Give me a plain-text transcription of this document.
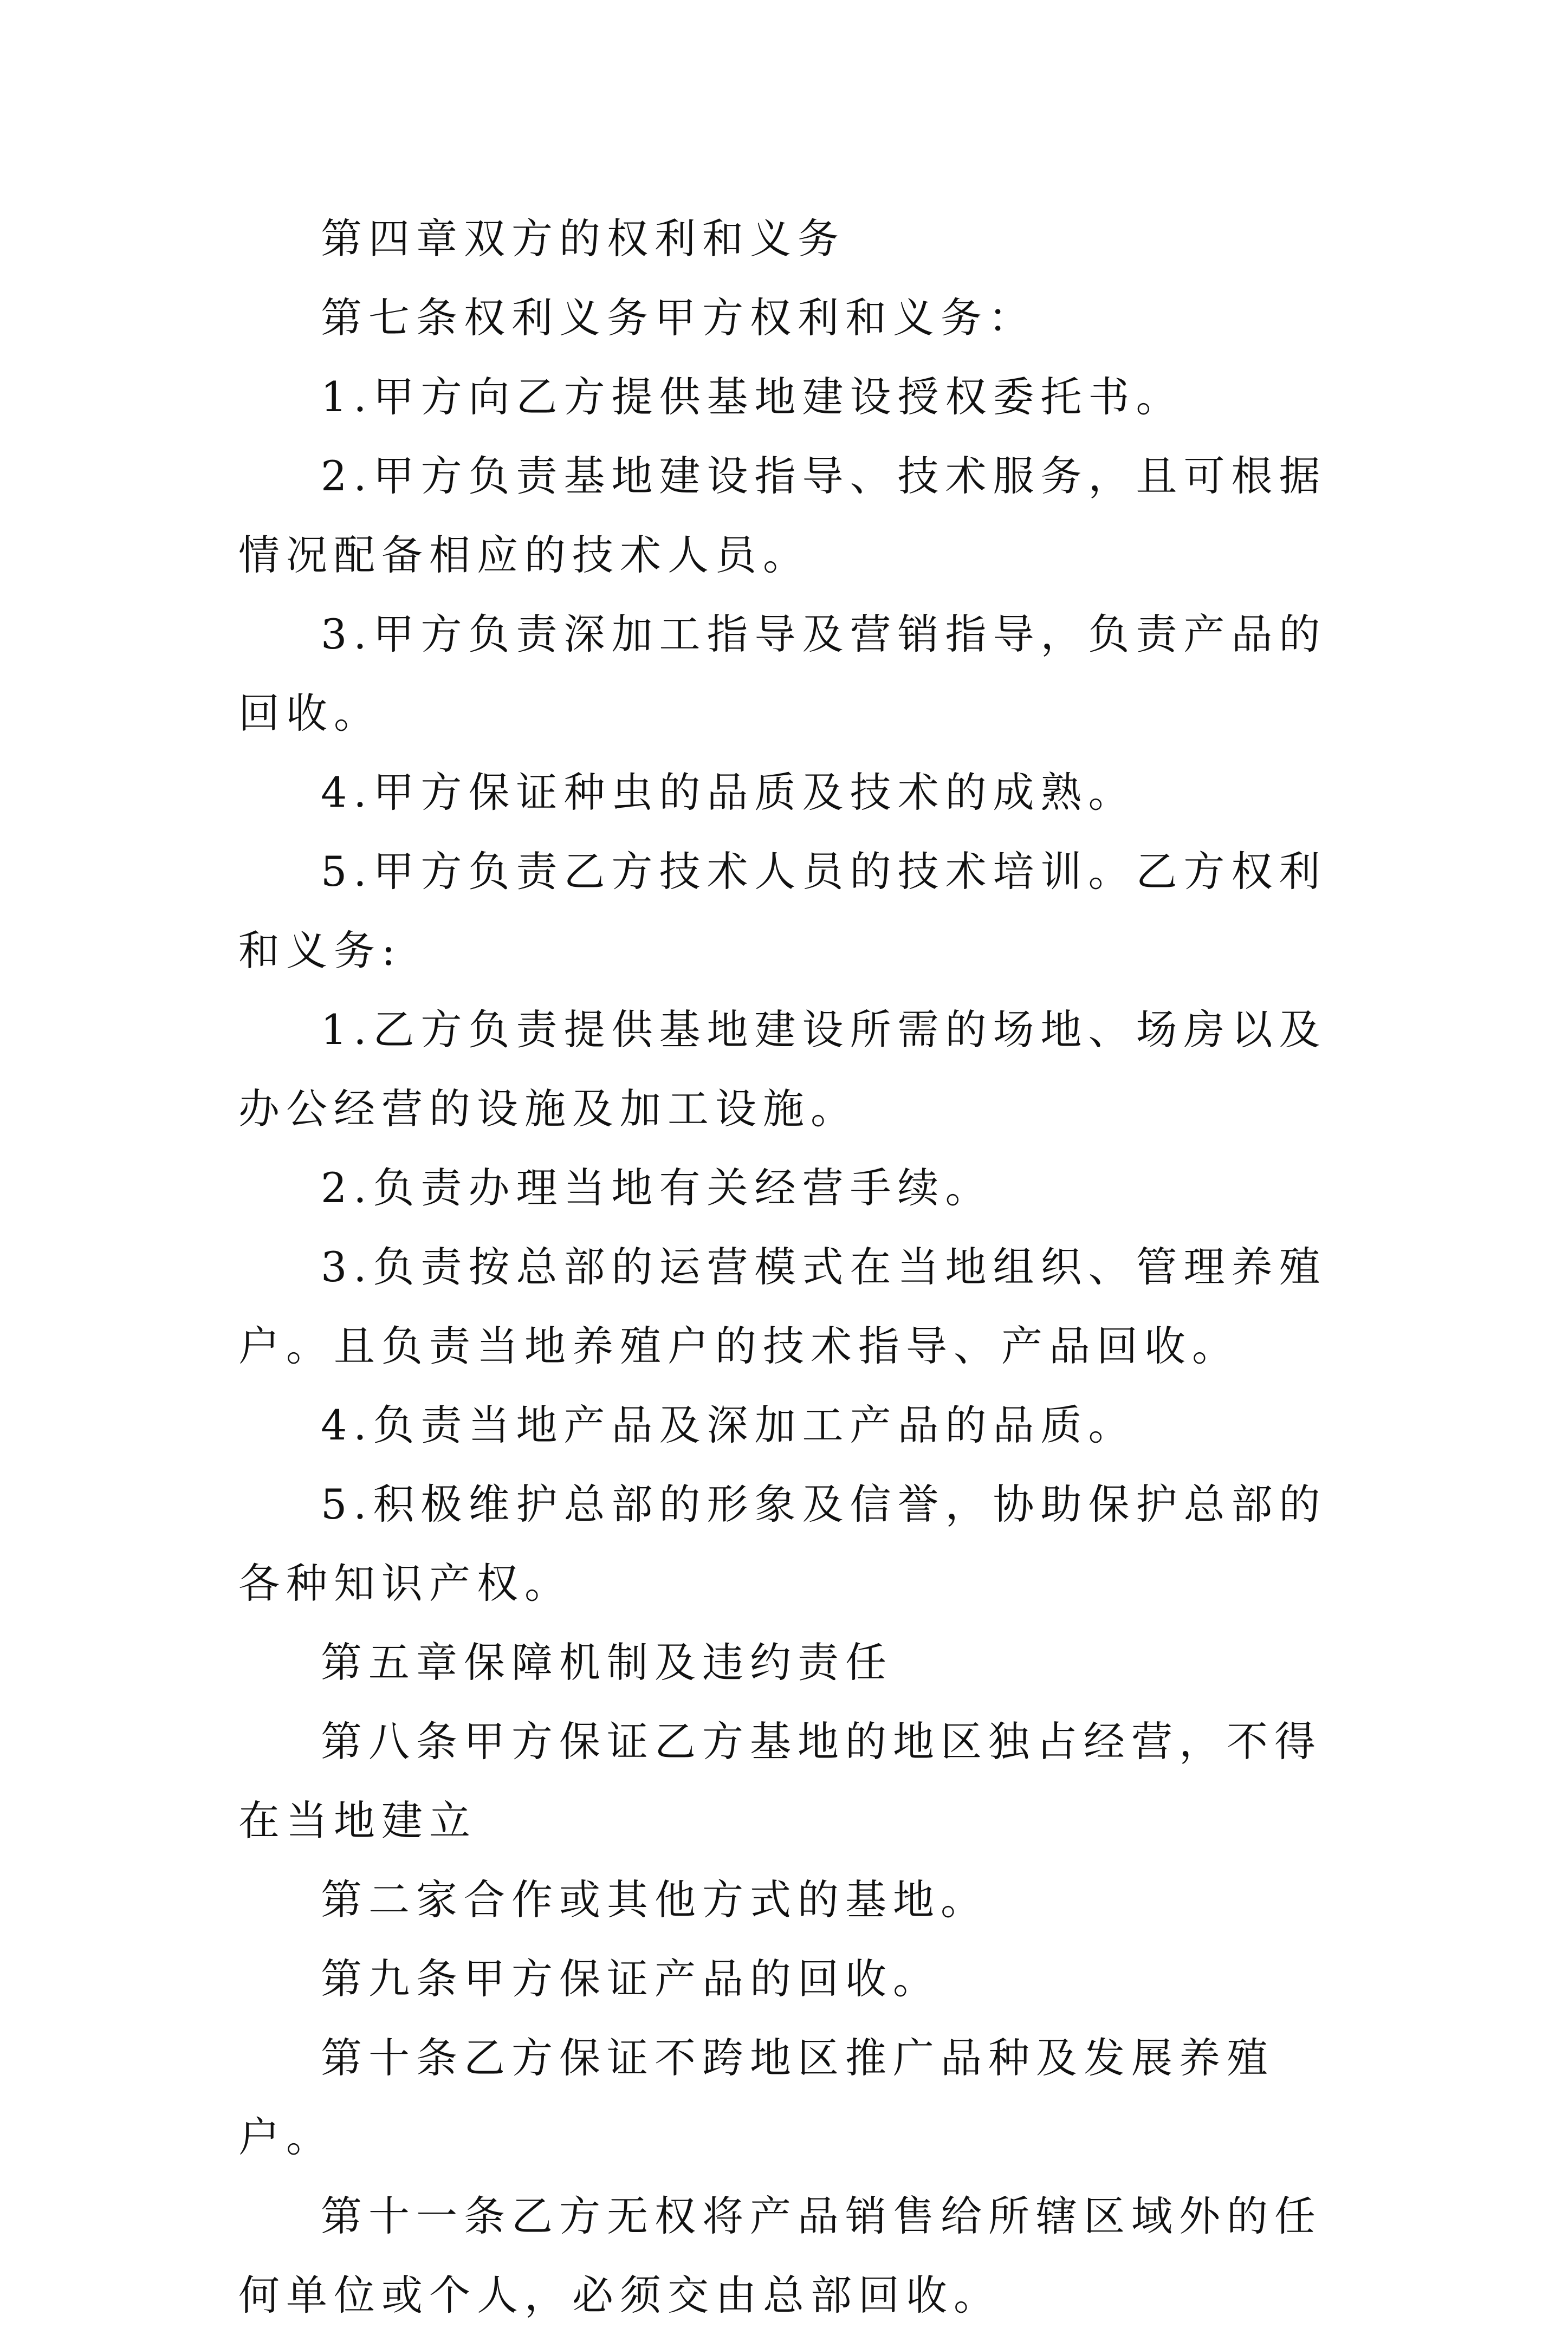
第四章双方的权利和义务

第七条权利义务甲方权利和义务：

1.甲方向乙方提供基地建设授权委托书。

2.甲方负责基地建设指导、技术服务，且可根据情况配备相应的技术人员。

3.甲方负责深加工指导及营销指导，负责产品的回收。

4.甲方保证种虫的品质及技术的成熟。

5.甲方负责乙方技术人员的技术培训。乙方权利和义务:

1.乙方负责提供基地建设所需的场地、场房以及办公经营的设施及加工设施。

2.负责办理当地有关经营手续。

3.负责按总部的运营模式在当地组织、管理养殖户。且负责当地养殖户的技术指导、产品回收。

4.负责当地产品及深加工产品的品质。

5.积极维护总部的形象及信誉，协助保护总部的各种知识产权。

第五章保障机制及违约责任

第八条甲方保证乙方基地的地区独占经营，不得在当地建立

第二家合作或其他方式的基地。

第九条甲方保证产品的回收。

第十条乙方保证不跨地区推广品种及发展养殖户。

第十一条乙方无权将产品销售给所辖区域外的任何单位或个人，必须交由总部回收。
